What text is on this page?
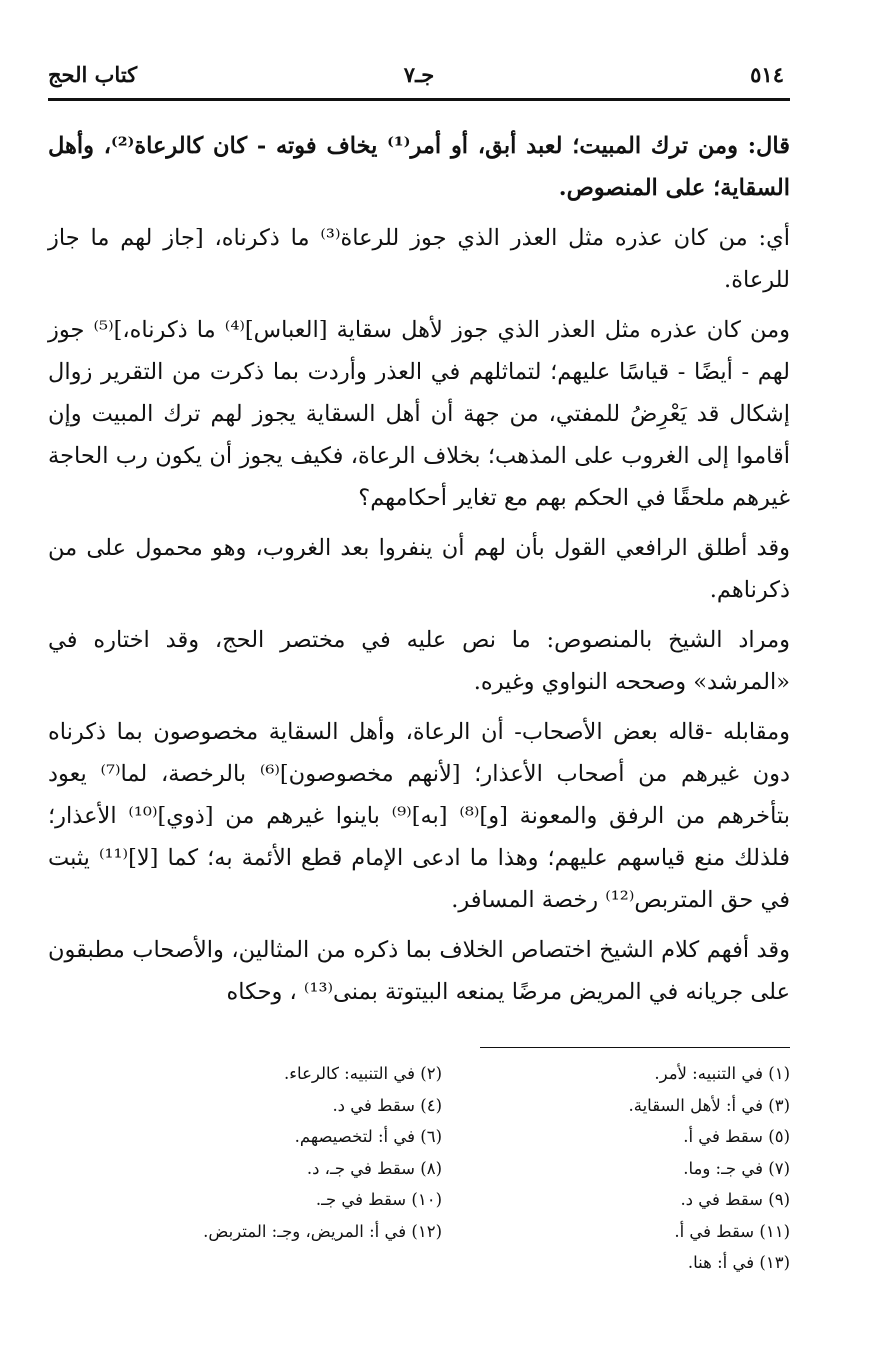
٥١٤
جـ٧
كتاب الحج

قال: ومن ترك المبيت؛ لعبد أبق، أو أمر⁽¹⁾ يخاف فوته - كان كالرعاة⁽²⁾، وأهل السقاية؛ على المنصوص.

أي: من كان عذره مثل العذر الذي جوز للرعاة⁽³⁾ ما ذكرناه، [جاز لهم ما جاز للرعاة.

ومن كان عذره مثل العذر الذي جوز لأهل سقاية [العباس]⁽⁴⁾ ما ذكرناه،]⁽⁵⁾ جوز لهم - أيضًا - قياسًا عليهم؛ لتماثلهم في العذر وأردت بما ذكرت من التقرير زوال إشكال قد يَعْرِضُ للمفتي، من جهة أن أهل السقاية يجوز لهم ترك المبيت وإن أقاموا إلى الغروب على المذهب؛ بخلاف الرعاة، فكيف يجوز أن يكون رب الحاجة غيرهم ملحقًا في الحكم بهم مع تغاير أحكامهم؟

وقد أطلق الرافعي القول بأن لهم أن ينفروا بعد الغروب، وهو محمول على من ذكرناهم.

ومراد الشيخ بالمنصوص: ما نص عليه في مختصر الحج، وقد اختاره في «المرشد» وصححه النواوي وغيره.

ومقابله -قاله بعض الأصحاب- أن الرعاة، وأهل السقاية مخصوصون بما ذكرناه دون غيرهم من أصحاب الأعذار؛ [لأنهم مخصوصون]⁽⁶⁾ بالرخصة، لما⁽⁷⁾ يعود بتأخرهم من الرفق والمعونة [و]⁽⁸⁾ [به]⁽⁹⁾ باينوا غيرهم من [ذوي]⁽¹⁰⁾ الأعذار؛ فلذلك منع قياسهم عليهم؛ وهذا ما ادعى الإمام قطع الأئمة به؛ كما [لا]⁽¹¹⁾ يثبت في حق المتربص⁽¹²⁾ رخصة المسافر.

وقد أفهم كلام الشيخ اختصاص الخلاف بما ذكره من المثالين، والأصحاب مطبقون على جريانه في المريض مرضًا يمنعه البيتوتة بمنى⁽¹³⁾ ، وحكاه

(١) في التنبيه: لأمر.
(٣) في أ: لأهل السقاية.
(٥) سقط في أ.
(٧) في جـ: وما.
(٩) سقط في د.
(١١) سقط في أ.
(١٣) في أ: هنا.
(٢) في التنبيه: كالرعاء.
(٤) سقط في د.
(٦) في أ: لتخصيصهم.
(٨) سقط في جـ، د.
(١٠) سقط في جـ.
(١٢) في أ: المريض، وجـ: المتربض.
